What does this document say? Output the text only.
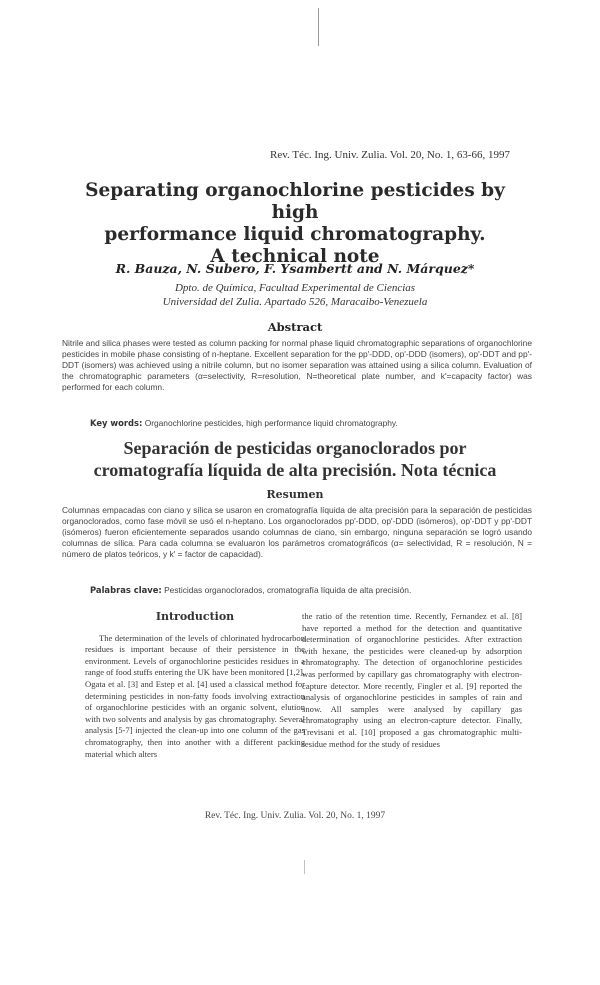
Rev. Téc. Ing. Univ. Zulia. Vol. 20, No. 1, 63-66, 1997
Separating organochlorine pesticides by high
performance liquid chromatography.
A technical note
R. Bauza, N. Subero, F. Ysambertt and N. Márquez*
Dpto. de Química, Facultad Experimental de Ciencias
Universidad del Zulia. Apartado 526, Maracaibo-Venezuela
Abstract

Nitrile and silica phases were tested as column packing for normal phase liquid chromatographic separations of organochlorine pesticides in mobile phase consisting of n-heptane. Excellent separation for the pp'-DDD, op'-DDD (isomers), op'-DDT and pp'-DDT (isomers) was achieved using a nitrile column, but no isomer separation was attained using a silica column. Evaluation of the chromatographic parameters (α=selectivity, R=resolution, N=theoretical plate number, and k'=capacity factor) was performed for each column.

Key words: Organochlorine pesticides, high performance liquid chromatography.
Separación de pesticidas organoclorados por
cromatografía líquida de alta precisión. Nota técnica
Resumen

Columnas empacadas con ciano y sílica se usaron en cromatografía líquida de alta precisión para la separación de pesticidas organoclorados, como fase móvil se usó el n-heptano. Los organoclorados pp'-DDD, op'-DDD (isómeros), op'-DDT y pp'-DDT (isómeros) fueron eficientemente separados usando columnas de ciano, sin embargo, ninguna separación se logró usando columnas de sílica. Para cada columna se evaluaron los parámetros cromatográficos (α= selectividad, R = resolución, N = número de platos teóricos, y k' = factor de capacidad).

Palabras clave: Pesticidas organoclorados, cromatografía líquida de alta precisión.
Introduction

The determination of the levels of chlorinated hydrocarbon residues is important because of their persistence in the environment. Levels of organochlorine pesticides residues in a range of food stuffs entering the UK have been monitored [1,2]. Ogata et al. [3] and Estep et al. [4] used a classical method for determining pesticides in non-fatty foods involving extraction of organochlorine pesticides with an organic solvent, elution with two solvents and analysis by gas chromatography. Several analysis [5-7] injected the clean-up into one column of the gas chromatography, then into another with a different packing material which alters

the ratio of the retention time. Recently, Fernandez et al. [8] have reported a method for the detection and quantitative determination of organochlorine pesticides. After extraction with hexane, the pesticides were cleaned-up by adsorption chromatography. The detection of organochlorine pesticides was performed by capillary gas chromatography with electron-capture detector. More recently, Fingler et al. [9] reported the analysis of organochlorine pesticides in samples of rain and snow. All samples were analysed by capillary gas chromatography using an electron-capture detector. Finally, Trevisani et al. [10] proposed a gas chromatographic multi-residue method for the study of residues

Rev. Téc. Ing. Univ. Zulia. Vol. 20, No. 1, 1997
